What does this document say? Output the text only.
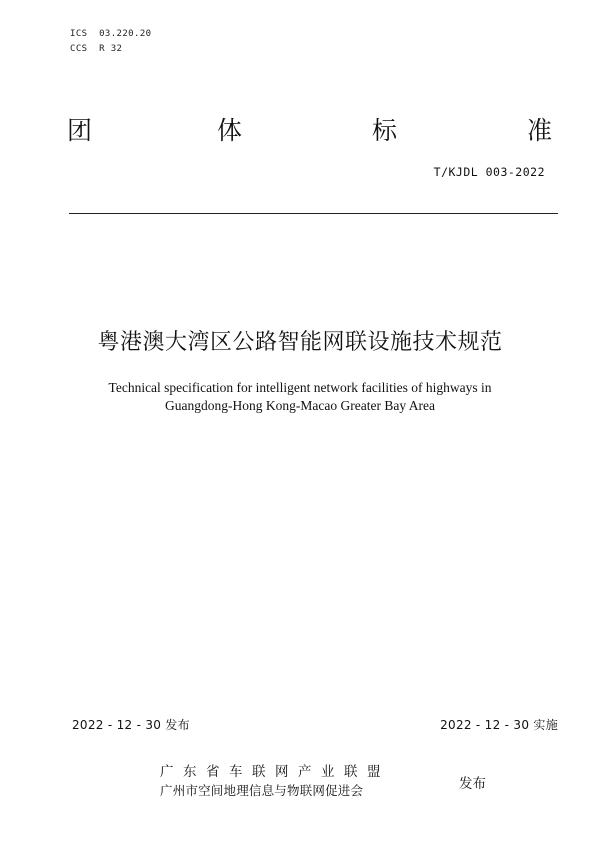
ICS  03.220.20
CCS  R 32
团	体	标	准
T/KJDL 003-2022
粤港澳大湾区公路智能网联设施技术规范
Technical specification for intelligent network facilities of highways in
Guangdong-Hong Kong-Macao Greater Bay Area
2022 - 12 - 30 发布	2022 - 12 - 30 实施
广东省车联网产业联盟
广州市空间地理信息与物联网促进会	发布
